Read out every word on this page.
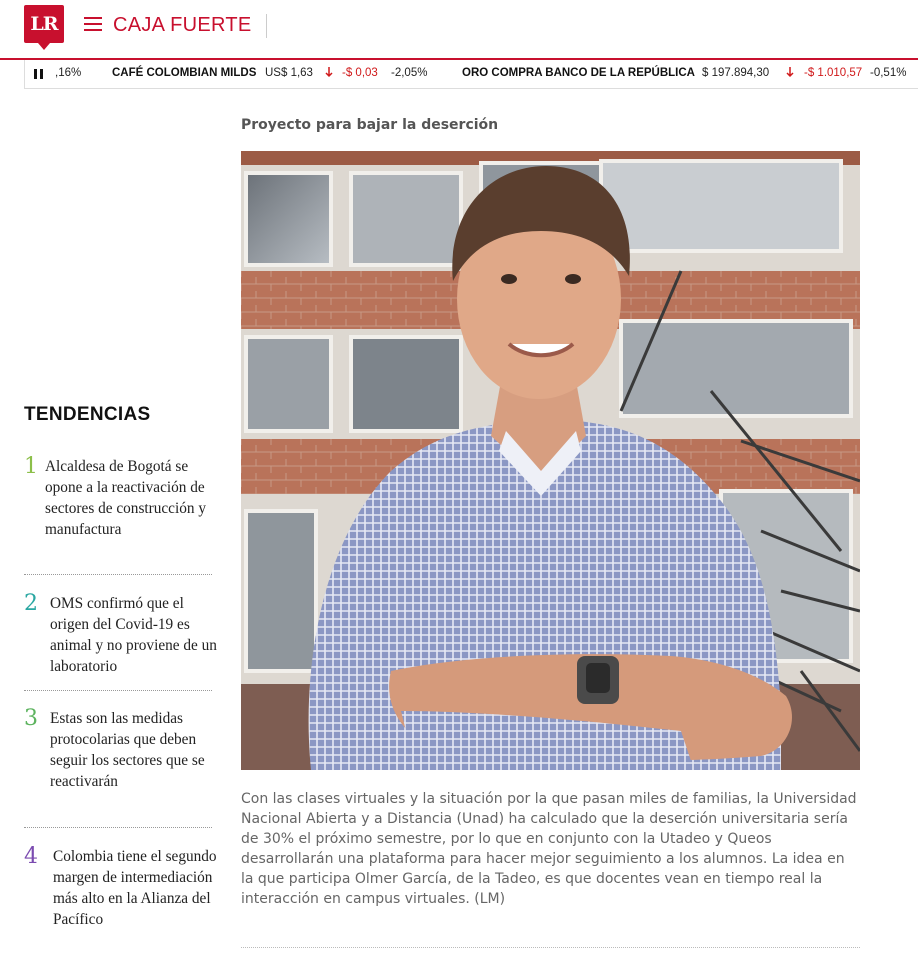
LR	CAJA FUERTE
,16%	CAFÉ COLOMBIAN MILDS US$ 1,63	-$ 0,03 -2,05%	ORO COMPRA BANCO DE LA REPÚBLICA $ 197.894,30	-$ 1.010,57 -0,51%
TENDENCIAS
1 Alcaldesa de Bogotá se opone a la reactivación de sectores de construcción y manufactura
2 OMS confirmó que el origen del Covid-19 es animal y no proviene de un laboratorio
3 Estas son las medidas protocolarias que deben seguir los sectores que se reactivarán
4 Colombia tiene el segundo margen de intermediación más alto en la Alianza del Pacífico
Proyecto para bajar la deserción
Con las clases virtuales y la situación por la que pasan miles de familias, la Universidad Nacional Abierta y a Distancia (Unad) ha calculado que la deserción universitaria sería de 30% el próximo semestre, por lo que en conjunto con la Utadeo y Queos desarrollarán una plataforma para hacer mejor seguimiento a los alumnos. La idea en la que participa Olmer García, de la Tadeo, es que docentes vean en tiempo real la interacción en campus virtuales. (LM)
